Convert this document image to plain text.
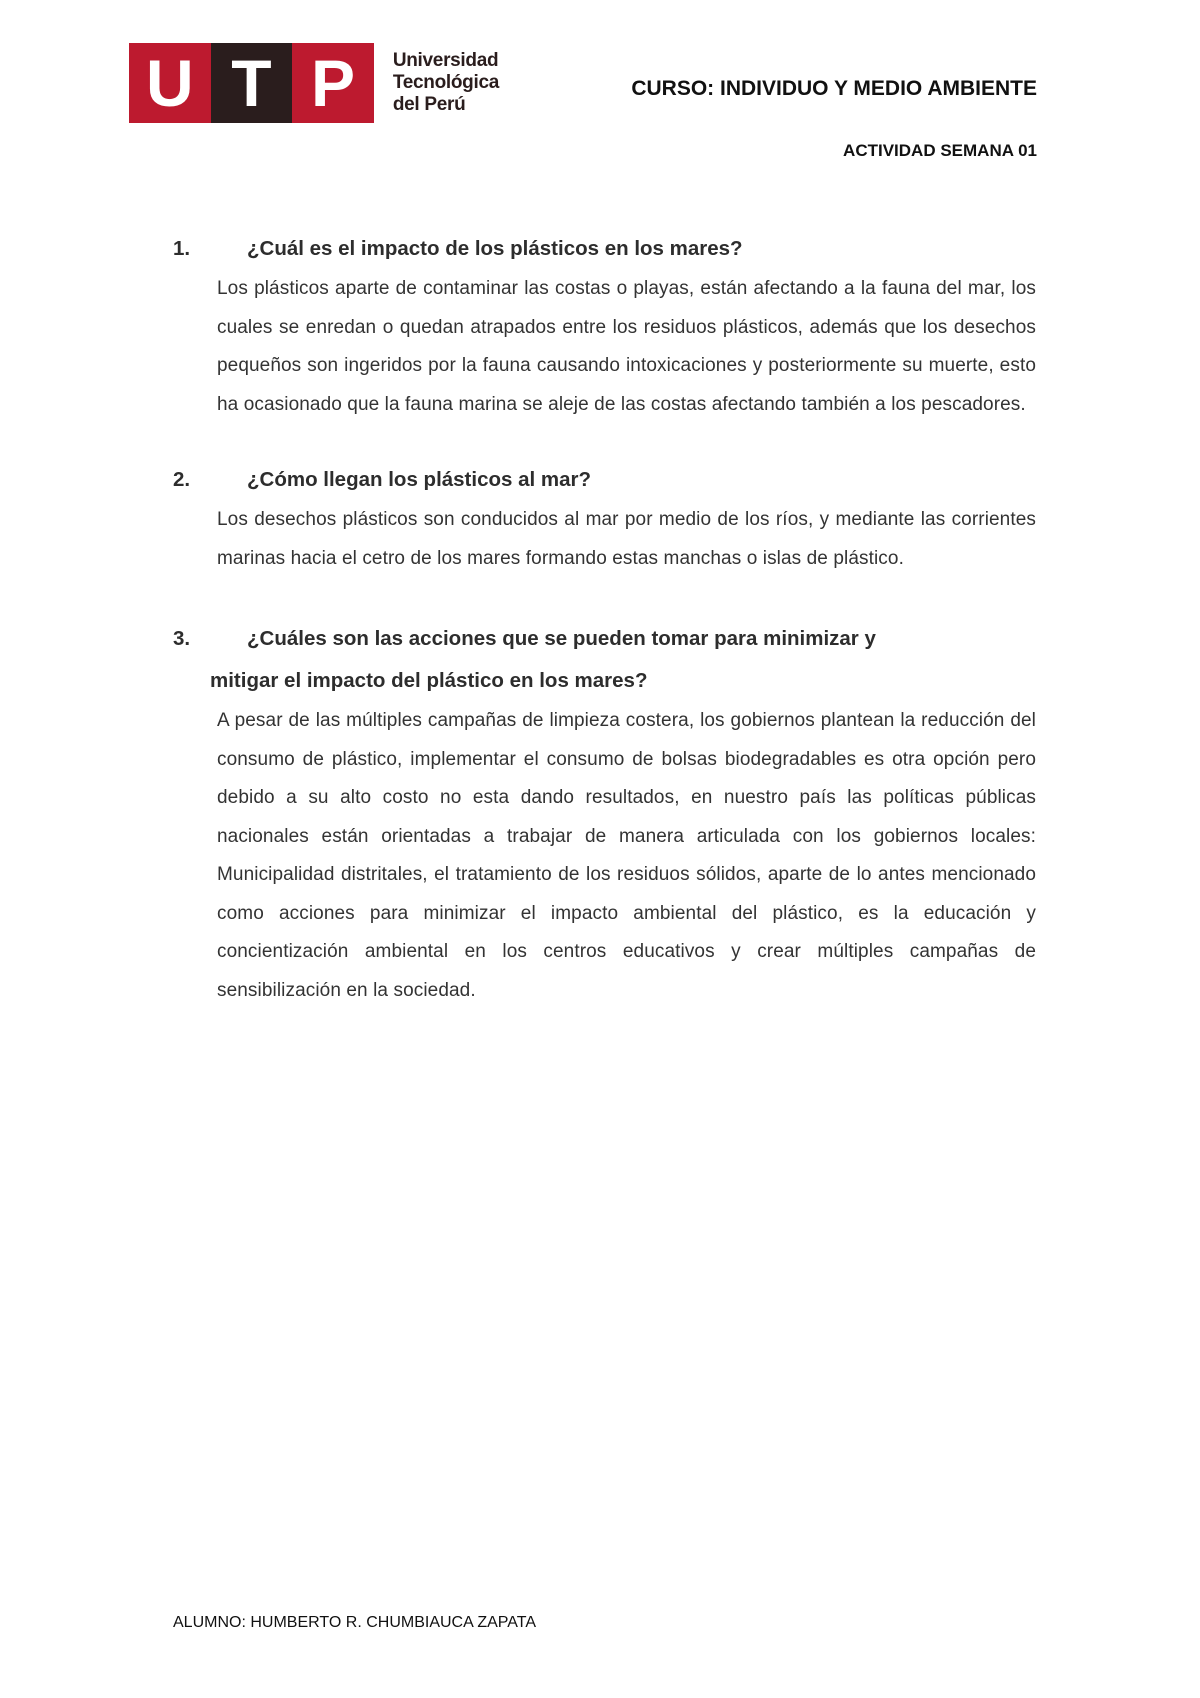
U T P	Universidad
Tecnológica
del Perú
CURSO: INDIVIDUO Y MEDIO AMBIENTE
ACTIVIDAD SEMANA 01
1.	¿Cuál es el impacto de los plásticos en los mares?
Los plásticos aparte de contaminar las costas o playas, están afectando a la fauna del mar, los cuales se enredan o quedan atrapados entre los residuos plásticos, además que los desechos pequeños son ingeridos por la fauna causando intoxicaciones y posteriormente su muerte, esto ha ocasionado que la fauna marina se aleje de las costas afectando también a los pescadores.
2.	¿Cómo llegan los plásticos al mar?
Los desechos plásticos son conducidos al mar por medio de los ríos, y mediante las corrientes marinas hacia el cetro de los mares formando estas manchas o islas de plástico.
3.	¿Cuáles son las acciones que se pueden tomar para minimizar y
mitigar el impacto del plástico en los mares?
A pesar de las múltiples campañas de limpieza costera, los gobiernos plantean la reducción del consumo de plástico, implementar el consumo de bolsas biodegradables es otra opción pero debido a su alto costo no esta dando resultados, en nuestro país las políticas públicas nacionales están orientadas a trabajar de manera articulada con los gobiernos locales: Municipalidad distritales, el tratamiento de los residuos sólidos, aparte de lo antes mencionado como acciones para minimizar el impacto ambiental del plástico, es la educación y concientización ambiental en los centros educativos y crear múltiples campañas de sensibilización en la sociedad.
ALUMNO: HUMBERTO R. CHUMBIAUCA ZAPATA
